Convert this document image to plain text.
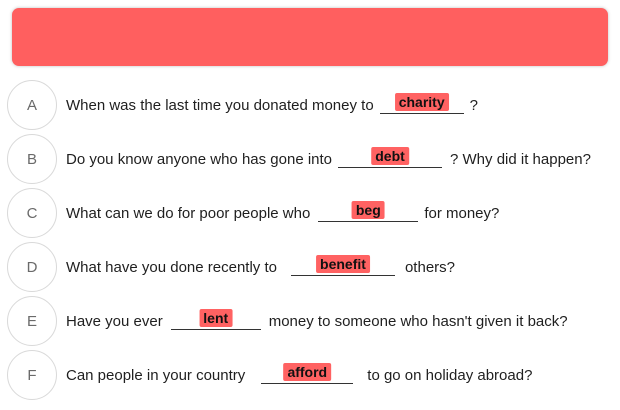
A	When was the last time you donated money to charity ?
B	Do you know anyone who has gone into	debt	? Why did it happen?
C	What can we do for poor people who	beg	for money?
D	What have you done recently to	benefit	others?
E	Have you ever	lent	money to someone who hasn't given it back?
F	Can people in your country	afford	to go on holiday abroad?
